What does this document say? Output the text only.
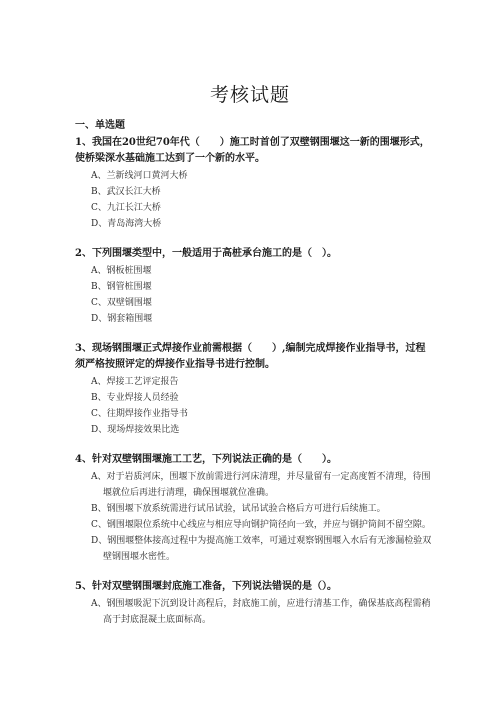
考核试题
一、单选题

1、我国在20世纪70年代（　　）施工时首创了双壁钢围堰这一新的围堰形式，使桥梁深水基础施工达到了一个新的水平。

A、兰新线河口黄河大桥
B、武汉长江大桥
C、九江长江大桥
D、青岛海湾大桥

2、下列围堰类型中，一般适用于高桩承台施工的是（　）。

A、钢板桩围堰
B、钢管桩围堰
C、双壁钢围堰
D、钢套箱围堰

3、现场钢围堰正式焊接作业前需根据（　　）,编制完成焊接作业指导书，过程须严格按照评定的焊接作业指导书进行控制。

A、焊接工艺评定报告
B、专业焊接人员经验
C、往期焊接作业指导书
D、现场焊接效果比选

4、针对双壁钢围堰施工工艺，下列说法正确的是（　　）。

A、对于岩质河床，围堰下放前需进行河床清理，并尽量留有一定高度暂不清理，待围堰就位后再进行清理，确保围堰就位准确。
B、钢围堰下放系统需进行试吊试验，试吊试验合格后方可进行后续施工。
C、钢围堰限位系统中心线应与相应导向钢护筒径向一致，并应与钢护筒间不留空隙。
D、钢围堰整体接高过程中为提高施工效率，可通过观察钢围堰入水后有无渗漏检验双壁钢围堰水密性。

5、针对双壁钢围堰封底施工准备，下列说法错误的是（）。

A、钢围堰吸泥下沉到设计高程后，封底施工前，应进行清基工作，确保基底高程需稍高于封底混凝土底面标高。
